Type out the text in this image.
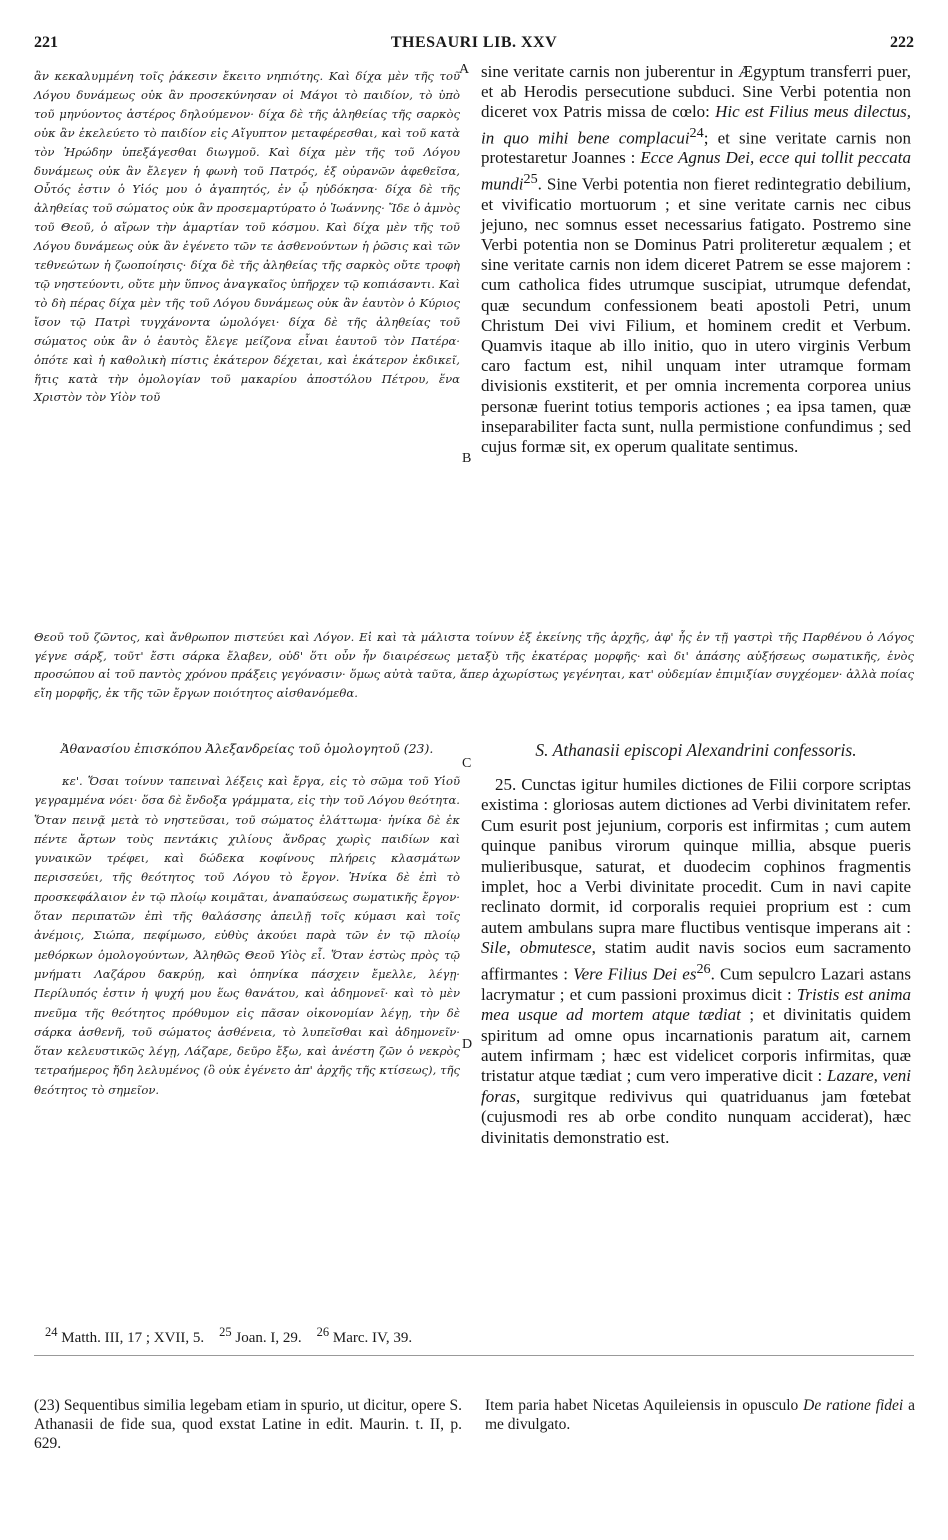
THESAURI LIB. XXV
221	222
A
B
C
D

ἂν κεκαλυμμένη τοῖς ῥάκεσιν ἔκειτο νηπιότης. Καὶ δίχα μὲν τῆς τοῦ Λόγου δυνάμεως οὐκ ἂν προσεκύνησαν οἱ Μάγοι τὸ παιδίον, τὸ ὑπὸ τοῦ μηνύοντος ἀστέρος δηλούμενον· δίχα δὲ τῆς ἀληθείας τῆς σαρκὸς οὐκ ἂν ἐκελεύετο τὸ παιδίον εἰς Αἴγυπτον μεταφέρεσθαι, καὶ τοῦ κατὰ τὸν Ἡρώδην ὑπεξάγεσθαι διωγμοῦ. Καὶ δίχα μὲν τῆς τοῦ Λόγου δυνάμεως οὐκ ἂν ἔλεγεν ἡ φωνὴ τοῦ Πατρός, ἐξ οὐρανῶν ἀφεθεῖσα, Οὗτός ἐστιν ὁ Υἱός μου ὁ ἀγαπητός, ἐν ᾧ ηὐδόκησα· δίχα δὲ τῆς ἀληθείας τοῦ σώματος οὐκ ἂν προσεμαρτύρατο ὁ Ἰωάννης· Ἴδε ὁ ἀμνὸς τοῦ Θεοῦ, ὁ αἴρων τὴν ἁμαρτίαν τοῦ κόσμου. Καὶ δίχα μὲν τῆς τοῦ Λόγου δυνάμεως οὐκ ἂν ἐγένετο τῶν τε ἀσθενούντων ἡ ῥῶσις καὶ τῶν τεθνεώτων ἡ ζωοποίησις· δίχα δὲ τῆς ἀληθείας τῆς σαρκὸς οὔτε τροφὴ τῷ νηστεύοντι, οὔτε μὴν ὕπνος ἀναγκαῖος ὑπῆρχεν τῷ κοπιάσαντι. Καὶ τὸ δὴ πέρας δίχα μὲν τῆς τοῦ Λόγου δυνάμεως οὐκ ἂν ἑαυτὸν ὁ Κύριος ἴσον τῷ Πατρὶ τυγχάνοντα ὡμολόγει· δίχα δὲ τῆς ἀληθείας τοῦ σώματος οὐκ ἂν ὁ ἑαυτὸς ἔλεγε μείζονα εἶναι ἑαυτοῦ τὸν Πατέρα· ὁπότε καὶ ἡ καθολικὴ πίστις ἑκάτερον δέχεται, καὶ ἑκάτερον ἐκδικεῖ, ἥτις κατὰ τὴν ὁμολογίαν τοῦ μακαρίου ἀποστόλου Πέτρου, ἕνα Χριστὸν τὸν Υἱὸν τοῦ

sine veritate carnis non juberentur in Ægyptum transferri puer, et ab Herodis persecutione subduci. Sine Verbi potentia non diceret vox Patris missa de cœlo: Hic est Filius meus dilectus, in quo mihi bene complacui$^{24}$; et sine veritate carnis non protestaretur Joannes : Ecce Agnus Dei, ecce qui tollit peccata mundi$^{25}$. Sine Verbi potentia non fieret redintegratio debilium, et vivificatio mortuorum ; et sine veritate carnis nec cibus jejuno, nec somnus esset necessarius fatigato. Postremo sine Verbi potentia non se Dominus Patri proliteretur æqualem ; et sine veritate carnis non idem diceret Patrem se esse majorem : cum catholica fides utrumque suscipiat, utrumque defendat, quæ secundum confessionem beati apostoli Petri, unum Christum Dei vivi Filium, et hominem credit et Verbum. Quamvis itaque ab illo initio, quo in utero virginis Verbum caro factum est, nihil unquam inter utramque formam divisionis exstiterit, et per omnia incrementa corporea unius personæ fuerint totius temporis actiones ; ea ipsa tamen, quæ inseparabiliter facta sunt, nulla permistione confundimus ; sed cujus formæ sit, ex operum qualitate sentimus.

Θεοῦ τοῦ ζῶντος, καὶ ἄνθρωπον πιστεύει καὶ Λόγον. Εἰ καὶ τὰ μάλιστα τοίνυν ἐξ ἐκείνης τῆς ἀρχῆς, ἀφ' ἧς ἐν τῇ γαστρὶ τῆς Παρθένου ὁ Λόγος γέγνε σάρξ, τοῦτ' ἔστι σάρκα ἔλαβεν, οὐδ' ὅτι οὖν ἦν διαιρέσεως μεταξὺ τῆς ἑκατέρας μορφῆς· καὶ δι' ἁπάσης αὐξήσεως σωματικῆς, ἑνὸς προσώπου αἱ τοῦ παντὸς χρόνου πράξεις γεγόνασιν· ὅμως αὐτὰ ταῦτα, ἅπερ ἀχωρίστως γεγένηται, κατ' οὐδεμίαν ἐπιμιξίαν συγχέομεν· ἀλλὰ ποίας εἴη μορφῆς, ἐκ τῆς τῶν ἔργων ποιότητος αἰσθανόμεθα.

Ἀθανασίου ἐπισκόπου Ἀλεξανδρείας τοῦ ὁμολογητοῦ (23).	S. Athanasii episcopi Alexandrini confessoris.

κε'. Ὅσαι τοίνυν ταπειναὶ λέξεις καὶ ἔργα, εἰς τὸ σῶμα τοῦ Υἱοῦ γεγραμμένα νόει· ὅσα δὲ ἔνδοξα γράμματα, εἰς τὴν τοῦ Λόγου θεότητα. Ὅταν πεινᾷ μετὰ τὸ νηστεῦσαι, τοῦ σώματος ἐλάττωμα· ἡνίκα δὲ ἐκ πέντε ἄρτων τοὺς πεντάκις χιλίους ἄνδρας χωρὶς παιδίων καὶ γυναικῶν τρέφει, καὶ δώδεκα κοφίνους πλήρεις κλασμάτων περισσεύει, τῆς θεότητος τοῦ Λόγου τὸ ἔργον. Ἡνίκα δὲ ἐπὶ τὸ προσκεφάλαιον ἐν τῷ πλοίῳ κοιμᾶται, ἀναπαύσεως σωματικῆς ἔργον· ὅταν περιπατῶν ἐπὶ τῆς θαλάσσης ἀπειλῇ τοῖς κύμασι καὶ τοῖς ἀνέμοις, Σιώπα, πεφίμωσο, εὐθὺς ἀκούει παρὰ τῶν ἐν τῷ πλοίῳ μεθόρκων ὁμολογούντων, Ἀληθῶς Θεοῦ Υἱὸς εἶ. Ὅταν ἑστὼς πρὸς τῷ μνήματι Λαζάρου δακρύῃ, καὶ ὁπηνίκα πάσχειν ἔμελλε, λέγῃ· Περίλυπός ἐστιν ἡ ψυχή μου ἕως θανάτου, καὶ ἀδημονεῖ· καὶ τὸ μὲν πνεῦμα τῆς θεότητος πρόθυμον εἰς πᾶσαν οἰκονομίαν λέγῃ, τὴν δὲ σάρκα ἀσθενῆ, τοῦ σώματος ἀσθένεια, τὸ λυπεῖσθαι καὶ ἀδημονεῖν· ὅταν κελευστικῶς λέγῃ, Λάζαρε, δεῦρο ἔξω, καὶ ἀνέστη ζῶν ὁ νεκρὸς τετραήμερος ἤδη λελυμένος (ὃ οὐκ ἐγένετο ἀπ' ἀρχῆς τῆς κτίσεως), τῆς θεότητος τὸ σημεῖον.

25. Cunctas igitur humiles dictiones de Filii corpore scriptas existima : gloriosas autem dictiones ad Verbi divinitatem refer. Cum esurit post jejunium, corporis est infirmitas ; cum autem quinque panibus virorum quinque millia, absque pueris mulieribusque, saturat, et duodecim cophinos fragmentis implet, hoc a Verbi divinitate procedit. Cum in navi capite reclinato dormit, id corporalis requiei proprium est : cum autem ambulans supra mare fluctibus ventisque imperans ait : Sile, obmutesce, statim audit navis socios eum sacramento affirmantes : Vere Filius Dei $es^{26}$. Cum sepulcro Lazari astans lacrymatur ; et cum passioni proximus dicit : Tristis est anima mea usque ad mortem atque tædiat ; et divinitatis quidem spiritum ad omne opus incarnationis paratum ait, carnem autem infirmam ; hæc est videlicet corporis infirmitas, quæ tristatur atque tædiat ; cum vero imperative dicit : Lazare, veni foras, surgitque redivivus qui quatriduanus jam fœtebat (cujusmodi res ab orbe condito nunquam acciderat), hæc divinitatis demonstratio est.

$^{24}$ Matth. III, 17 ; XVII, 5. $^{25}$ Joan. I, 29. $^{26}$ Marc. IV, 39.

(23) Sequentibus similia legebam etiam in spurio, ut dicitur, opere S. Athanasii de fide sua, quod exstat Latine in edit. Maurin. t. II, p. 629.

Item paria habet Nicetas Aquileiensis in opusculo De ratione fidei a me divulgato.
